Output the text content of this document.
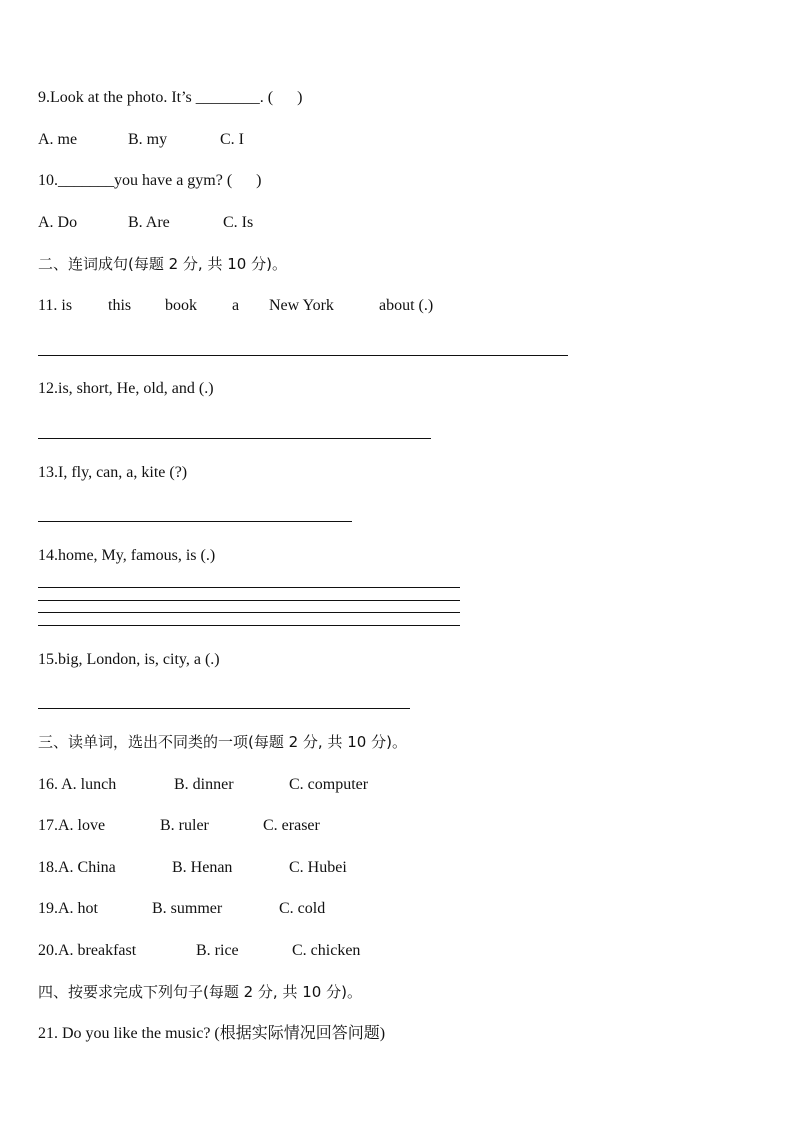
9.Look at the photo. It’s ________. (      )
A. me	B. my	C. I
10._______you have a gym? (      )
A. Do	B. Are	C. Is
二、连词成句(每题 2 分, 共 10 分)。
11. is this book a New York	about (.)
12.is, short, He, old, and (.)
13.I, fly, can, a, kite (?)
14.home, My, famous, is (.)
15.big, London, is, city, a (.)
三、读单词，选出不同类的一项(每题 2 分, 共 10 分)。
16. A. lunch	B. dinner	C. computer
17.A. love	B. ruler	C. eraser
18.A. China	B. Henan	C. Hubei
19.A. hot	B. summer	C. cold
20.A. breakfast	B. rice	C. chicken
四、按要求完成下列句子(每题 2 分, 共 10 分)。
21. Do you like the music? (根据实际情况回答问题)
